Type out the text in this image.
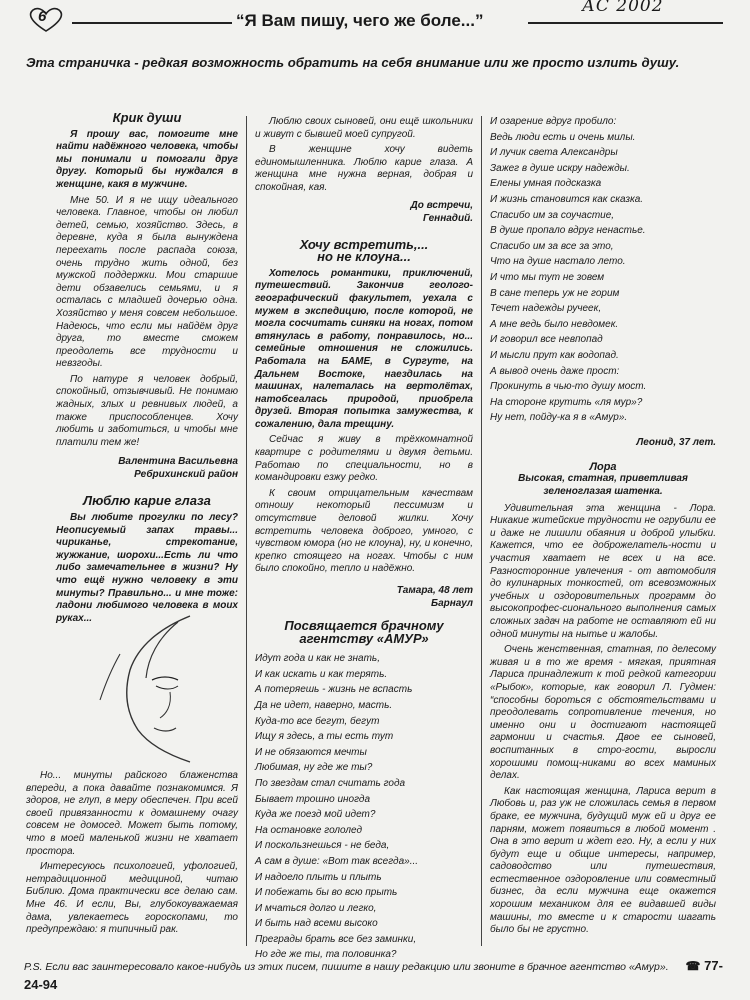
6	“Я Вам пишу, чего же боле...”
АС 2002
Эта страничка - редкая возможность обратить на себя внимание или же просто излить душу.
Крик души

Я прошу вас, помогите мне найти надёжного человека, чтобы мы понимали и помогали друг другу. Который бы нуждался в женщине, какя в мужчине.

Мне 50. И я не ищу идеального человека. Главное, чтобы он любил детей, семью, хозяйство. Здесь, в деревне, куда я была вынуждена переехать после распада союза, очень трудно жить одной, без мужской поддержки. Мои старшие дети обзавелись семьями, и я осталась с младшей дочерью одна. Хозяйство у меня совсем небольшое. Надеюсь, что если мы найдём друг друга, то вместе сможем преодолеть все трудности и невзгоды.

По натуре я человек добрый, спокойный, отзывчивый. Не понимаю жадных, злых и ревнивых людей, а также приспособленцев. Хочу любить и заботиться, и чтобы мне платили тем же!

Валентина Васильевна
Ребрихинский район
Люблю карие глаза

Вы любите прогулки по лесу? Неописуемый запах травы... чириканье, стрекотание, жужжание, шорохи...Есть ли что либо замечательнее в жизни? Ну что ещё нужно человеку в эти минуты? Правильно... и мне тоже: ладони любимого человека в моих руках...

Но... минуты райского блаженства впереди, а пока давайте познакомимся. Я здоров, не глуп, в меру обеспечен. При всей своей привязанности к домашнему очагу совсем не домосед. Может быть потому, что в моей маленькой жизни не хватает простора.

Интересуюсь психологией, уфологией, нетрадиционной медициной, читаю Библию. Дома практически все делаю сам. Мне 46. И если, Вы, глубокоуважаемая дама, увлекаетесь гороскопами, то предупреждаю: я типичный рак.

Люблю своих сыновей, они ещё школьники и живут с бывшей моей супругой.

В женщине хочу видеть единомышленника. Люблю карие глаза. А женщина мне нужна верная, добрая и спокойная, кая.

До встречи,
Геннадий.
Хочу встретить,...
но не клоуна...

Хотелось романтики, приключений, путешествий. Закончив геолого-географический факультет, уехала с мужем в экспедицию, после которой, не могла сосчитать синяки на ногах, потом втянулась в работу, понравилось, но... семейные отношения не сложились. Работала на БАМЕ, в Сургуте, на Дальнем Востоке, наездилась на машинах, налеталась на вертолётах, натобсеалась природой, приобрела друзей. Вторая попытка замужества, к сожалению, дала трещину.

Сейчас я живу в трёхкомнатной квартире с родителями и двумя детьми. Работаю по специальности, но в командировки езжу редко.

К своим отрицательным качествам отношу некоторый пессимизм и отсутствие деловой жилки. Хочу встретить человека доброго, умного, с чувством юмора (но не клоуна), ну, и конечно, крепко стоящего на ногах. Чтобы с ним было спокойно, тепло и надёжно.

Тамара, 48 лет
Барнаул
Посвящается брачному
агентству «АМУР»
Идут года и как не знать,
И как искать и как терять.
А потеряешь - жизнь не вспасть
Да не идет, наверно, масть.
Куда-то все бегут, бегут
Ищу я здесь, а ты есть тут
И не обязаются мечты
Любимая, ну где же ты?
По звездам стал считать года
Бывает трошно иногда
Куда же поезд мой идет?
На остановке гололед
И поскользнешься - не беда,
А сам в душе: «Вот так всегда»...
И надоело плыть и плыть
И побежать бы во всю прыть
И мчаться долго и легко,
И быть над всеми высоко
Преграды брать все без заминки,
Но где же ты, та половинка?
И озарение вдруг пробило:
Ведь люди есть и очень милы.
И лучик света Александры
Зажег в душе искру надежды.
Елены умная подсказка
И жизнь становится как сказка.
Спасибо им за соучастие,
В душе пропало вдруг ненастье.
Спасибо им за все за это,
Что на душе настало лето.
И что мы тут не зовем
В сане теперь уж не горим
Течет надежды ручеек,
А мне ведь было невдомек.
И говорил все невпопад
И мысли прут как водопад.
А вывод очень даже прост:
Прокинуть в чью-то душу мост.
На стороне крутить «ля мур»?
Ну нет, пойду-ка я в «Амур».
Леонид, 37 лет.
Лора
Высокая, статная, приветливая зеленоглазая шатенка.

Удивительная эта женщина - Лора. Никакие житейские трудности не огрубили ее и даже не лишили обаяния и доброй улыбки. Кажется, что ее доброжелатель-ности и участия хватает не всех и на все. Разносторонние увлечения - от автомобиля до кулинарных тонкостей, от всевозможных учебных и оздоровительных программ до высокопрофес-сионального выполнения самых сложных задач на работе не оставляют ей ни одной минуты на нытье и жалобы.

Очень женственная, статная, по делесому живая и в то же время - мягкая, приятная Лариса принадлежит к той редкой категории «Рыбок», которые, как говорил Л. Гудмен: “способны бороться с обстоятельствами и преодолевать сопротивление течения, но именно они и достигают настоящей гармонии и счастья. Двое ее сыновей, воспитанных в стро-гости, выросли хорошими помощ-никами во всех маминых делах.

Как настоящая женщина, Лариса верит в Любовь и, раз уж не сложилась семья в первом браке, ее мужчина, будущий муж ей и друг ее парням, может появиться в любой момент . Она в это верит и ждет его. Ну, а если у них будут еще и общие интересы, например, садоводство или путешествия, естественное оздоровление или совместный бизнес, да если мужчина еще окажется хорошим механиком для ее видавшей виды машины, то вместе и к старости шагать было бы не грустно.

P.S. Если вас заинтересовало какое-нибудь из этих писем, пишите в нашу редакцию или звоните в брачное агентство «Амур». ☎ 77-24-94
